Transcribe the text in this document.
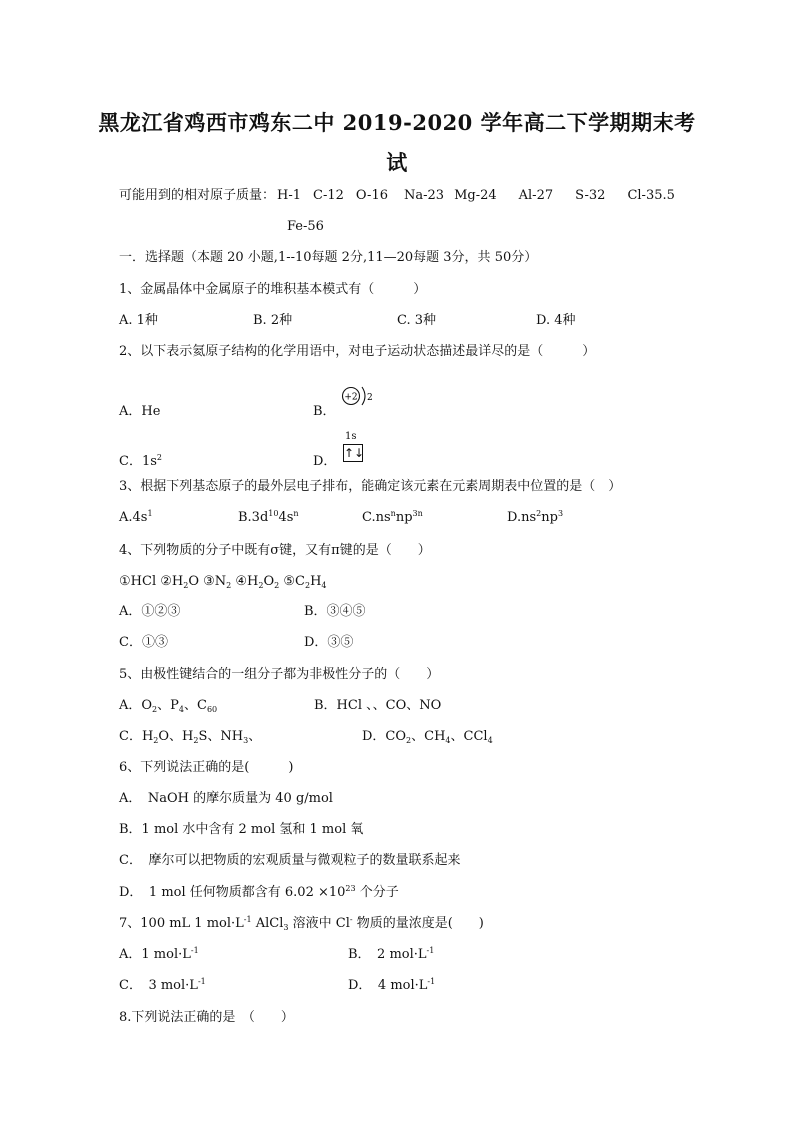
黑龙江省鸡西市鸡东二中 2019-2020 学年高二下学期期末考
试
可能用到的相对原子质量： H-1 C-12 O-16 Na-23 Mg-24 Al-27 S-32 Cl-35.5
Fe-56
一．选择题（本题 20 小题,1--10每题 2分,11—20每题 3分，共 50分）
1、金属晶体中金属原子的堆积基本模式有（　　　）
A. 1种	B. 2种	C. 3种	D. 4种
2、以下表示氦原子结构的化学用语中，对电子运动状态描述最详尽的是（　　　）
A．He	B．
+2 2
C．$1s^2$	D．
1s
↑↓
3、根据下列基态原子的最外层电子排布，能确定该元素在元素周期表中位置的是（　）
$A.4s^1$	$B.3d^{10}4s^n$	$C.ns^nnp^{3n}$	$D.ns^2np^3$
4、下列物质的分子中既有σ键，又有π键的是（　　）
①HCl $②H_2O$ $③N_2$ $④H_2O_2$ $⑤C_2H_4$
A．①②③	B．③④⑤
C．①③	D．③⑤
5、由极性键结合的一组分子都为非极性分子的（　　）
A．$O_2$、$P_4$、$C_{60}$	B．HCl 、、CO、NO
C．$H_2O$、$H_2S$、$NH_3$、	D．$CO_2$、$CH_4$、CCl$_4$
6、下列说法正确的是(　　　)
A．　NaOH 的摩尔质量为 40 g/mol
B．1 mol 水中含有 2 mol 氢和 1 mol 氧
C．　摩尔可以把物质的宏观质量与微观粒子的数量联系起来
D．　1 mol 任何物质都含有 $6.02 \times 10^{23}$ 个分子
7、100 mL 1 $mol\cdot L^{-1}$ AlCl$_3$ 溶液中 Cl- 物质的量浓度是(　　)
A．1 $mol\cdot L^{-1}$	B．　2 $mol\cdot L^{-1}$
C．　3 $mol\cdot L^{-1}$	D．　4 $mol\cdot L^{-1}$
8.下列说法正确的是　（　　）
